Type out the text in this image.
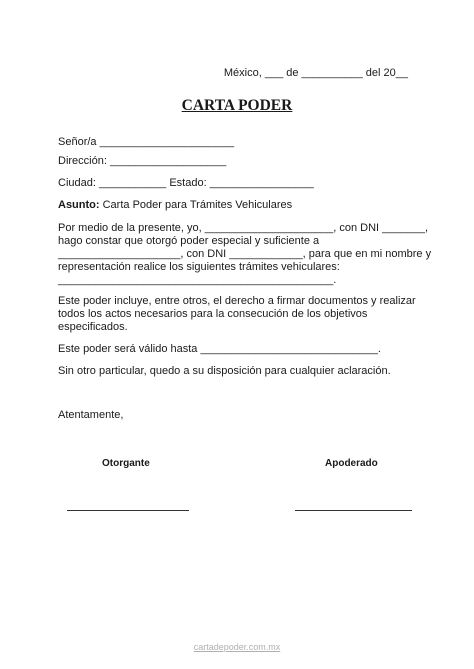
México, ___ de __________ del 20__
CARTA PODER
Señor/a ______________________
Dirección: ___________________
Ciudad: ___________ Estado: _________________
Asunto: Carta Poder para Trámites Vehiculares
Por medio de la presente, yo, _____________________, con DNI _______,
hago constar que otorgó poder especial y suficiente a
____________________, con DNI ____________, para que en mi nombre y
representación realice los siguientes trámites vehiculares:
_____________________________________________.
Este poder incluye, entre otros, el derecho a firmar documentos y realizar
todos los actos necesarios para la consecución de los objetivos
especificados.
Este poder será válido hasta _____________________________.
Sin otro particular, quedo a su disposición para cualquier aclaración.
Atentamente,
Otorgante	Apoderado
cartadepoder.com.mx
